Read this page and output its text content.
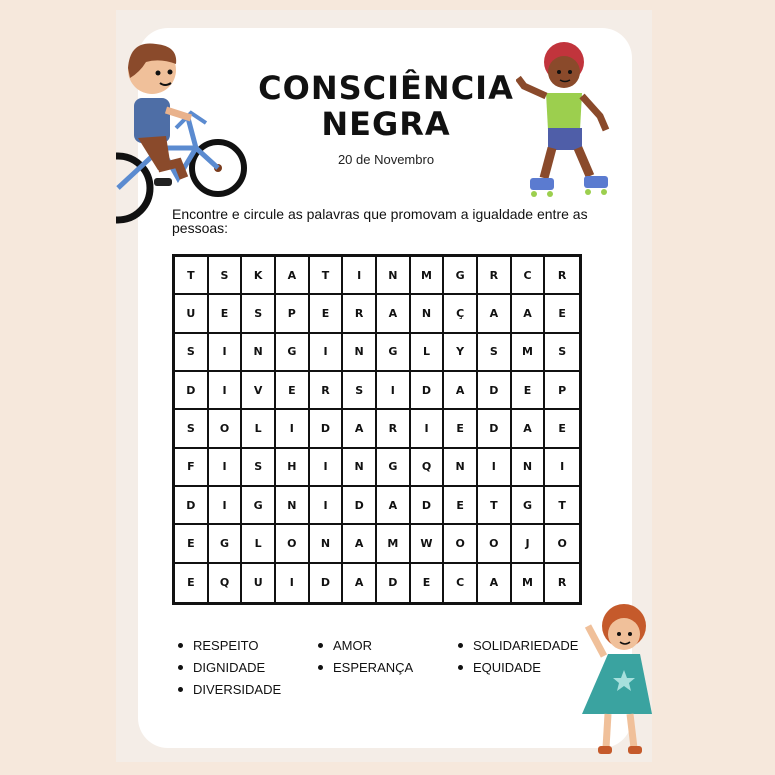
CONSCIÊNCIA
NEGRA
20 de Novembro
Encontre e circule as palavras que promovam a igualdade entre as pessoas:
T	S	K	A	T	I	N	M	G	R	C	R
U	E	S	P	E	R	A	N	Ç	A	A	E
S	I	N	G	I	N	G	L	Y	S	M	S
D	I	V	E	R	S	I	D	A	D	E	P
S	O	L	I	D	A	R	I	E	D	A	E
F	I	S	H	I	N	G	Q	N	I	N	I
D	I	G	N	I	D	A	D	E	T	G	T
E	G	L	O	N	A	M	W	O	O	J	O
E	Q	U	I	D	A	D	E	C	A	M	R
RESPEITO
DIGNIDADE
DIVERSIDADE
AMOR
ESPERANÇA
SOLIDARIEDADE
EQUIDADE
